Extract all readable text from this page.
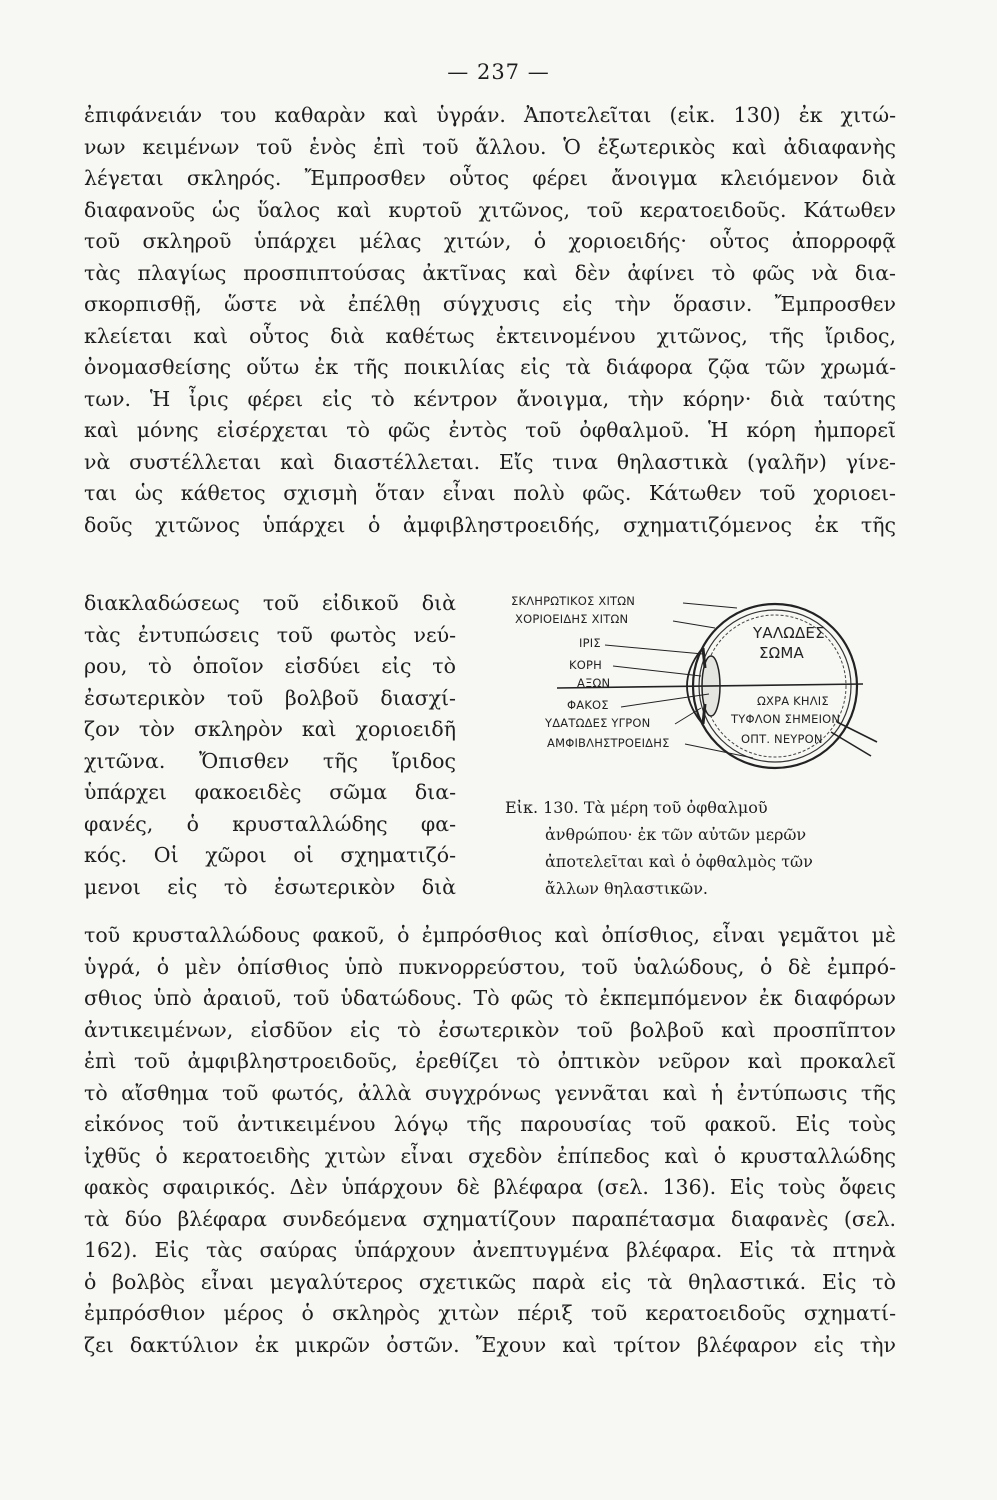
— 237 —
ἐπιφάνειάν του καθαρὰν καὶ ὑγράν. Ἀποτελεῖται (εἰκ. 130) ἐκ χιτώ-
νων κειμένων τοῦ ἑνὸς ἐπὶ τοῦ ἄλλου. Ὁ ἐξωτερικὸς καὶ ἀδιαφανὴς
λέγεται σκληρός. Ἔμπροσθεν οὗτος φέρει ἄνοιγμα κλειόμενον διὰ
διαφανοῦς ὡς ὕαλος καὶ κυρτοῦ χιτῶνος, τοῦ κερατοειδοῦς. Κάτωθεν
τοῦ σκληροῦ ὑπάρχει μέλας χιτών, ὁ χοριοειδής· οὗτος ἀπορροφᾷ
τὰς πλαγίως προσπιπτούσας ἀκτῖνας καὶ δὲν ἀφίνει τὸ φῶς νὰ δια-
σκορπισθῇ, ὥστε νὰ ἐπέλθῃ σύγχυσις εἰς τὴν ὅρασιν. Ἔμπροσθεν
κλείεται καὶ οὗτος διὰ καθέτως ἐκτεινομένου χιτῶνος, τῆς ἴριδος,
ὀνομασθείσης οὕτω ἐκ τῆς ποικιλίας εἰς τὰ διάφορα ζῷα τῶν χρωμά-
των. Ἡ ἶρις φέρει εἰς τὸ κέντρον ἄνοιγμα, τὴν κόρην· διὰ ταύτης
καὶ μόνης εἰσέρχεται τὸ φῶς ἐντὸς τοῦ ὀφθαλμοῦ. Ἡ κόρη ἠμπορεῖ
νὰ συστέλλεται καὶ διαστέλλεται. Εἴς τινα θηλαστικὰ (γαλῆν) γίνε-
ται ὡς κάθετος σχισμὴ ὅταν εἶναι πολὺ φῶς. Κάτωθεν τοῦ χοριοει-
δοῦς χιτῶνος ὑπάρχει ὁ ἀμφιβληστροειδής, σχηματιζόμενος ἐκ τῆς
διακλαδώσεως τοῦ εἰδικοῦ διὰ
τὰς ἐντυπώσεις τοῦ φωτὸς νεύ-
ρου, τὸ ὁποῖον εἰσδύει εἰς τὸ
ἐσωτερικὸν τοῦ βολβοῦ διασχί-
ζον τὸν σκληρὸν καὶ χοριοειδῆ
χιτῶνα. Ὄπισθεν τῆς ἴριδος
ὑπάρχει φακοειδὲς σῶμα δια-
φανές, ὁ κρυσταλλώδης φα-
κός. Οἱ χῶροι οἱ σχηματιζό-
μενοι εἰς τὸ ἐσωτερικὸν διὰ
ΣΚΛΗΡΩΤΙΚΟΣ ΧΙΤΩΝ
ΧΟΡΙΟΕΙΔΗΣ ΧΙΤΩΝ
ΙΡΙΣ
ΚΟΡΗ
ΑΞΩΝ
ΦΑΚΟΣ
ΥΔΑΤΩΔΕΣ ΥΓΡΟΝ
ΑΜΦΙΒΛΗΣΤΡΟΕΙΔΗΣ
ΥΑΛΩΔΕΣ
ΣΩΜΑ
ΩΧΡΑ ΚΗΛΙΣ
ΤΥΦΛΟΝ ΣΗΜΕΙΟΝ
ΟΠΤ. ΝΕΥΡΟΝ
Εἰκ. 130. Τὰ μέρη τοῦ ὀφθαλμοῦ
ἀνθρώπου· ἐκ τῶν αὐτῶν μερῶν
ἀποτελεῖται καὶ ὁ ὀφθαλμὸς τῶν
ἄλλων θηλαστικῶν.
τοῦ κρυσταλλώδους φακοῦ, ὁ ἐμπρόσθιος καὶ ὀπίσθιος, εἶναι γεμᾶτοι μὲ
ὑγρά, ὁ μὲν ὀπίσθιος ὑπὸ πυκνορρεύστου, τοῦ ὑαλώδους, ὁ δὲ ἐμπρό-
σθιος ὑπὸ ἀραιοῦ, τοῦ ὑδατώδους. Τὸ φῶς τὸ ἐκπεμπόμενον ἐκ διαφόρων
ἀντικειμένων, εἰσδῦον εἰς τὸ ἐσωτερικὸν τοῦ βολβοῦ καὶ προσπῖπτον
ἐπὶ τοῦ ἀμφιβληστροειδοῦς, ἐρεθίζει τὸ ὀπτικὸν νεῦρον καὶ προκαλεῖ
τὸ αἴσθημα τοῦ φωτός, ἀλλὰ συγχρόνως γεννᾶται καὶ ἡ ἐντύπωσις τῆς
εἰκόνος τοῦ ἀντικειμένου λόγῳ τῆς παρουσίας τοῦ φακοῦ. Εἰς τοὺς
ἰχθῦς ὁ κερατοειδὴς χιτὼν εἶναι σχεδὸν ἐπίπεδος καὶ ὁ κρυσταλλώδης
φακὸς σφαιρικός. Δὲν ὑπάρχουν δὲ βλέφαρα (σελ. 136). Εἰς τοὺς ὄφεις
τὰ δύο βλέφαρα συνδεόμενα σχηματίζουν παραπέτασμα διαφανὲς (σελ.
162). Εἰς τὰς σαύρας ὑπάρχουν ἀνεπτυγμένα βλέφαρα. Εἰς τὰ πτηνὰ
ὁ βολβὸς εἶναι μεγαλύτερος σχετικῶς παρὰ εἰς τὰ θηλαστικά. Εἰς τὸ
ἐμπρόσθιον μέρος ὁ σκληρὸς χιτὼν πέριξ τοῦ κερατοειδοῦς σχηματί-
ζει δακτύλιον ἐκ μικρῶν ὀστῶν. Ἔχουν καὶ τρίτον βλέφαρον εἰς τὴν
